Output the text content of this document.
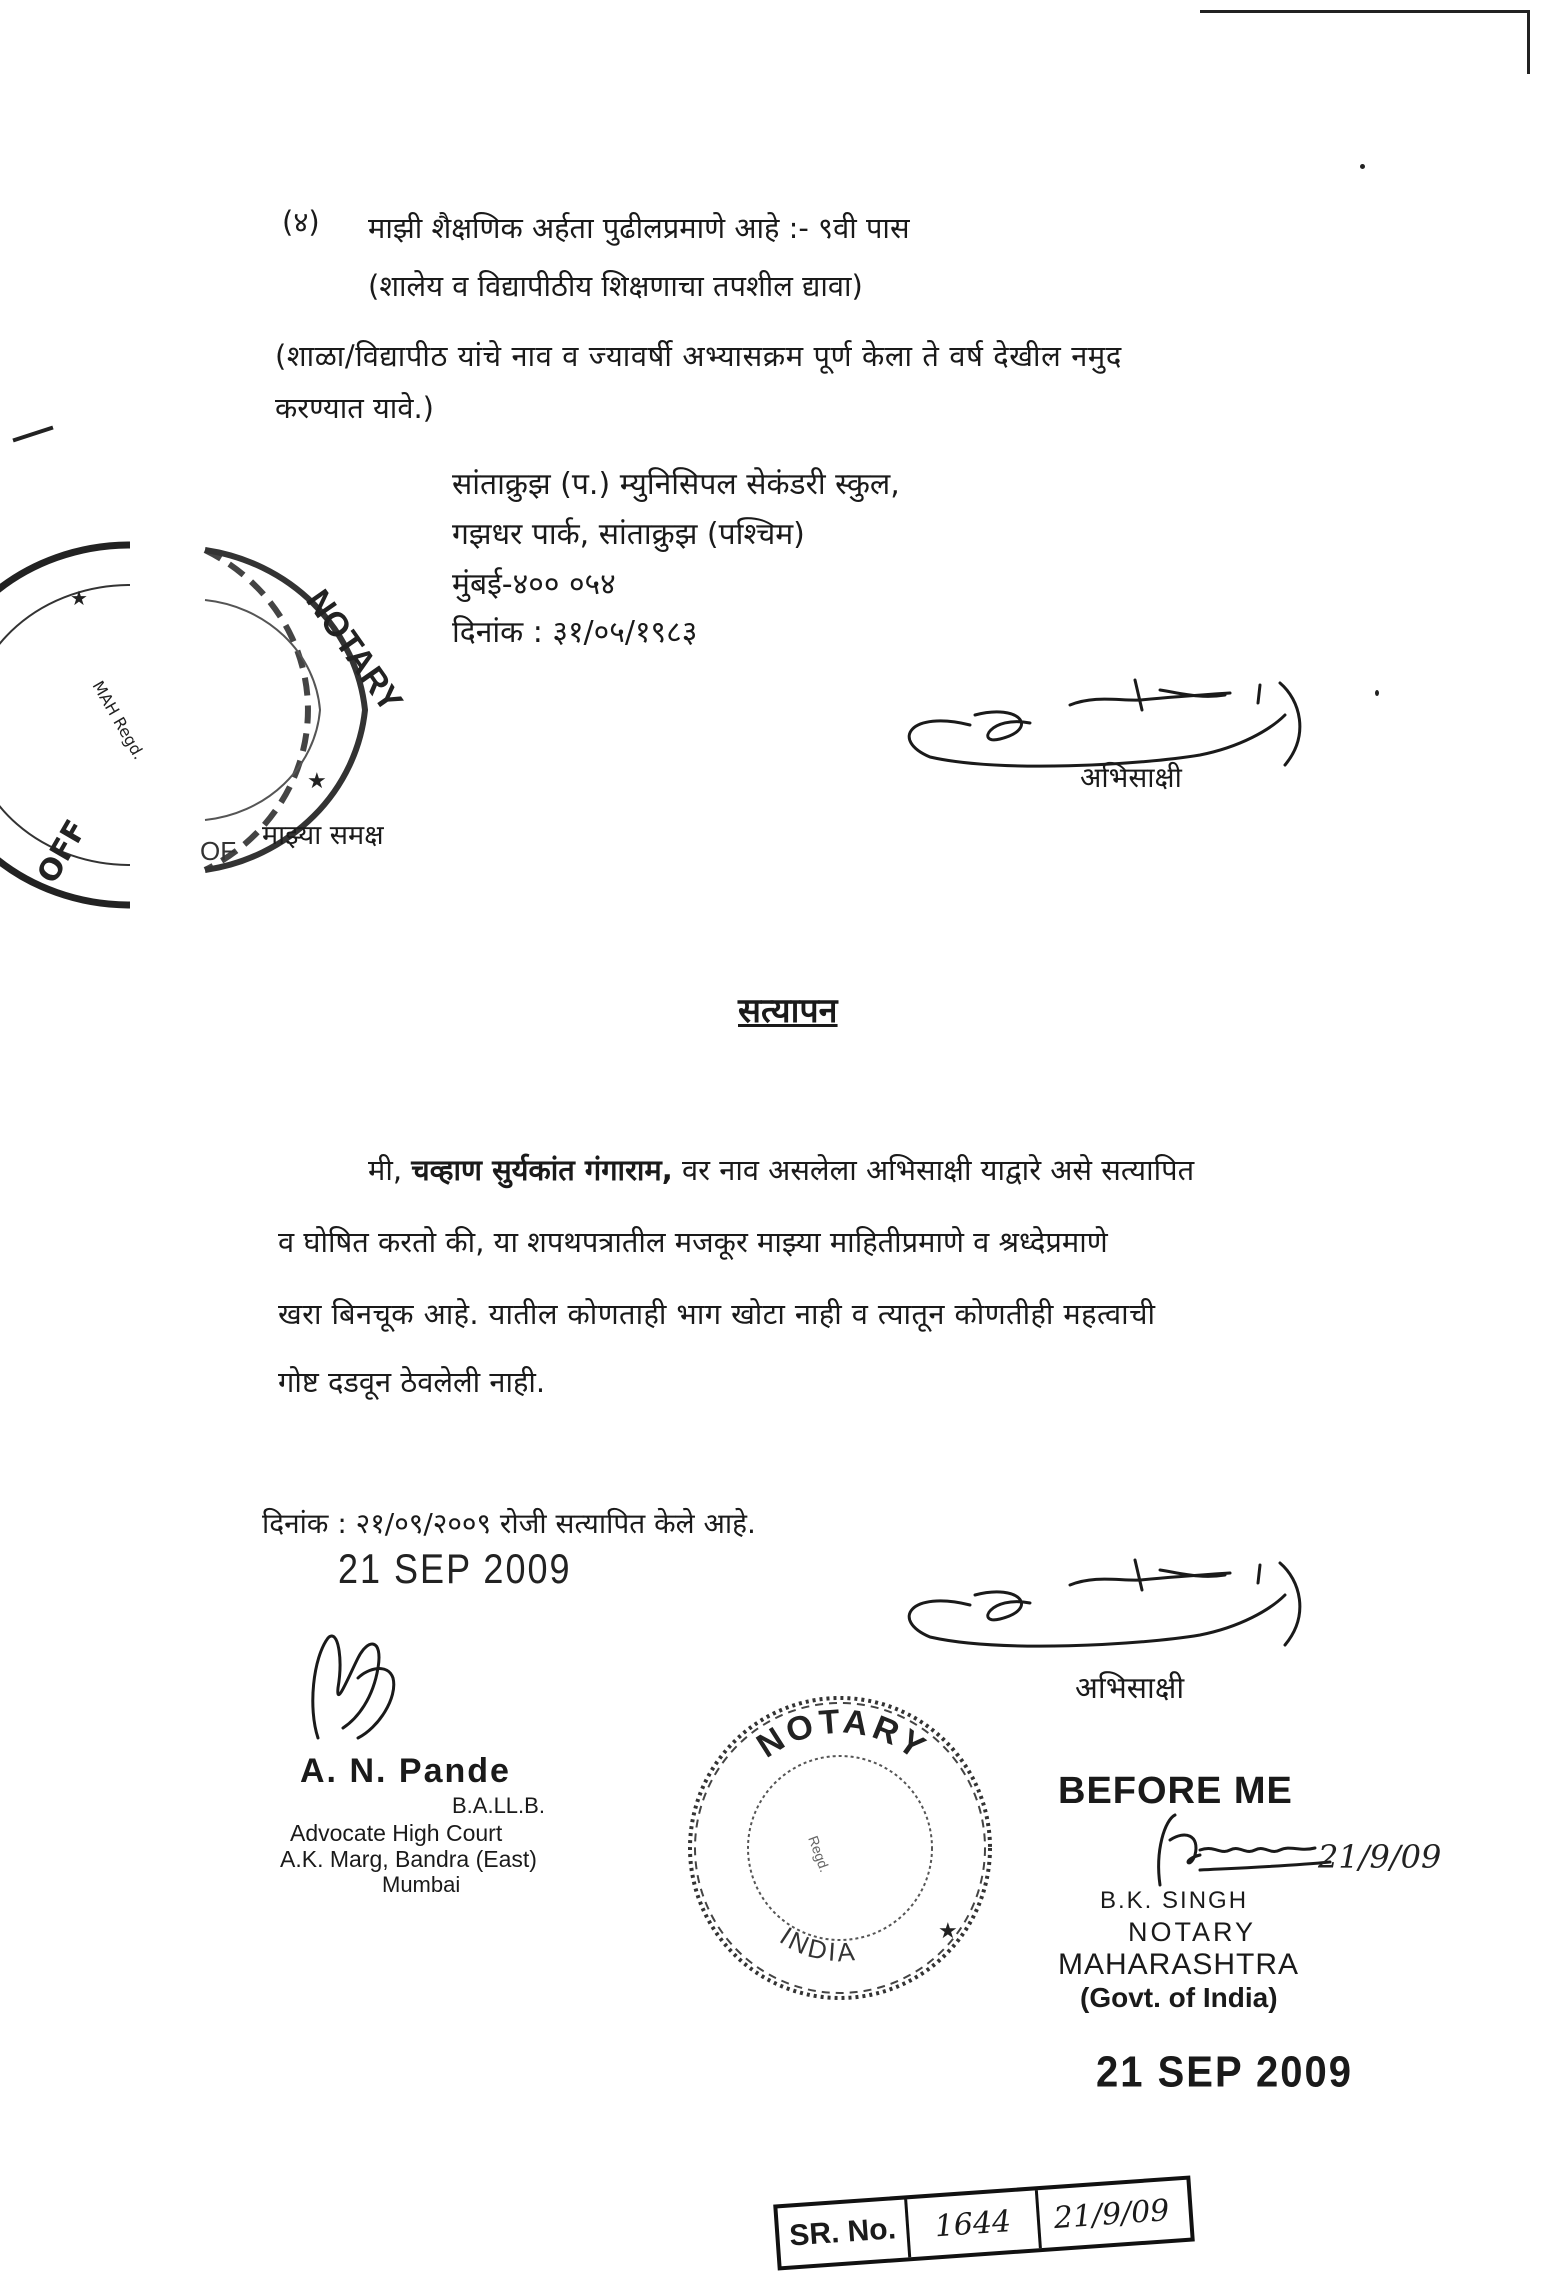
(४) माझी शैक्षणिक अर्हता पुढीलप्रमाणे आहे :- ९वी पास
(शालेय व विद्यापीठीय शिक्षणाचा तपशील द्यावा)
(शाळा/विद्यापीठ यांचे नाव व ज्यावर्षी अभ्यासक्रम पूर्ण केला ते वर्ष देखील नमुद
करण्यात यावे.)
सांताक्रुझ (प.) म्युनिसिपल सेकंडरी स्कुल,
गझधर पार्क, सांताक्रुझ (पश्चिम)
मुंबई-४०० ०५४
दिनांक : ३१/०५/१९८३
★
MAH Regd.
OFF
NOTARY
★
OF
अभिसाक्षी
माझ्या समक्ष
सत्यापन
मी, चव्हाण सुर्यकांत गंगाराम, वर नाव असलेला अभिसाक्षी याद्वारे असे सत्यापित
व घोषित करतो की, या शपथपत्रातील मजकूर माझ्या माहितीप्रमाणे व श्रध्देप्रमाणे
खरा बिनचूक आहे. यातील कोणताही भाग खोटा नाही व त्यातून कोणतीही महत्वाची
गोष्ट दडवून ठेवलेली नाही.
दिनांक : २१/०९/२००९ रोजी सत्यापित केले आहे.
21 SEP 2009
अभिसाक्षी
A. N. Pande
B.A.LL.B.
Advocate High Court
A.K. Marg, Bandra (East)
Mumbai
NOTARY
INDIA
★
Regd.
BEFORE ME
21/9/09
B.K. SINGH
NOTARY
MAHARASHTRA
(Govt. of India)
21 SEP 2009
SR. No.	1644	21/9/09
